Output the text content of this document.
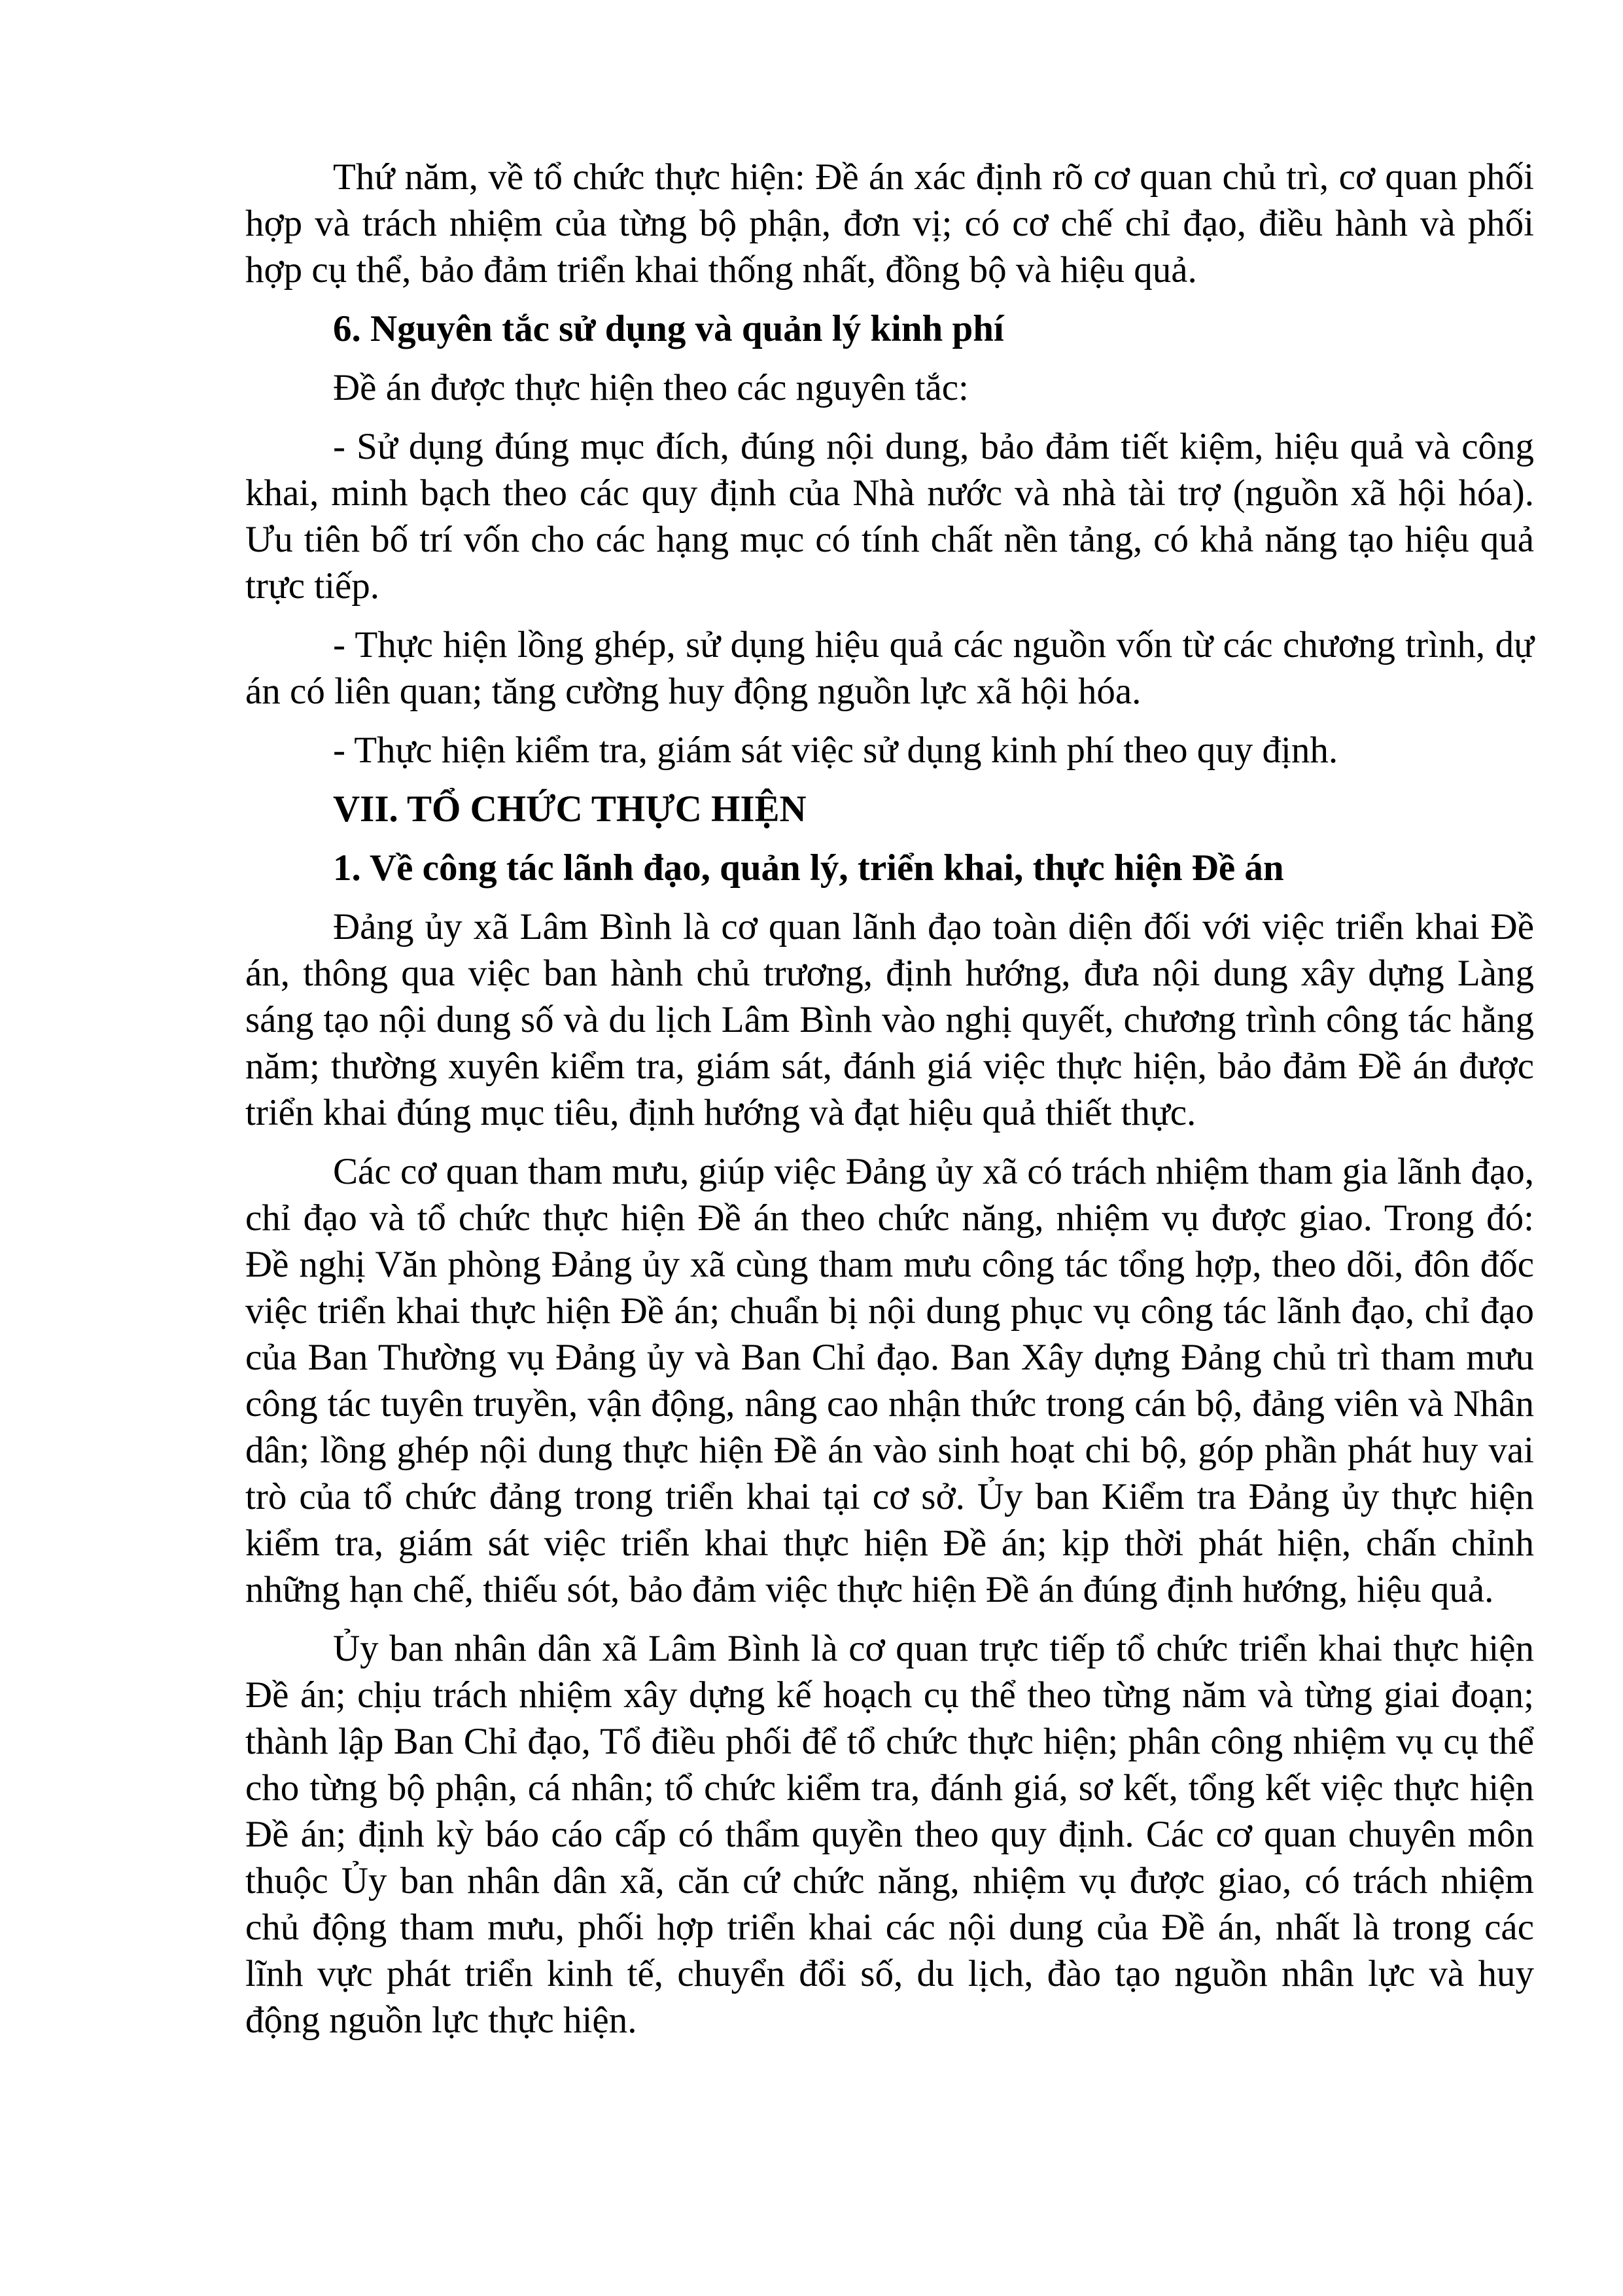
Thứ năm, về tổ chức thực hiện: Đề án xác định rõ cơ quan chủ trì, cơ quan phối hợp và trách nhiệm của từng bộ phận, đơn vị; có cơ chế chỉ đạo, điều hành và phối hợp cụ thể, bảo đảm triển khai thống nhất, đồng bộ và hiệu quả.

6. Nguyên tắc sử dụng và quản lý kinh phí

Đề án được thực hiện theo các nguyên tắc:

- Sử dụng đúng mục đích, đúng nội dung, bảo đảm tiết kiệm, hiệu quả và công khai, minh bạch theo các quy định của Nhà nước và nhà tài trợ (nguồn xã hội hóa). Ưu tiên bố trí vốn cho các hạng mục có tính chất nền tảng, có khả năng tạo hiệu quả trực tiếp.

- Thực hiện lồng ghép, sử dụng hiệu quả các nguồn vốn từ các chương trình, dự án có liên quan; tăng cường huy động nguồn lực xã hội hóa.

- Thực hiện kiểm tra, giám sát việc sử dụng kinh phí theo quy định.

VII. TỔ CHỨC THỰC HIỆN

1. Về công tác lãnh đạo, quản lý, triển khai, thực hiện Đề án

Đảng ủy xã Lâm Bình là cơ quan lãnh đạo toàn diện đối với việc triển khai Đề án, thông qua việc ban hành chủ trương, định hướng, đưa nội dung xây dựng Làng sáng tạo nội dung số và du lịch Lâm Bình vào nghị quyết, chương trình công tác hằng năm; thường xuyên kiểm tra, giám sát, đánh giá việc thực hiện, bảo đảm Đề án được triển khai đúng mục tiêu, định hướng và đạt hiệu quả thiết thực.

Các cơ quan tham mưu, giúp việc Đảng ủy xã có trách nhiệm tham gia lãnh đạo, chỉ đạo và tổ chức thực hiện Đề án theo chức năng, nhiệm vụ được giao. Trong đó: Đề nghị Văn phòng Đảng ủy xã cùng tham mưu công tác tổng hợp, theo dõi, đôn đốc việc triển khai thực hiện Đề án; chuẩn bị nội dung phục vụ công tác lãnh đạo, chỉ đạo của Ban Thường vụ Đảng ủy và Ban Chỉ đạo. Ban Xây dựng Đảng chủ trì tham mưu công tác tuyên truyền, vận động, nâng cao nhận thức trong cán bộ, đảng viên và Nhân dân; lồng ghép nội dung thực hiện Đề án vào sinh hoạt chi bộ, góp phần phát huy vai trò của tổ chức đảng trong triển khai tại cơ sở. Ủy ban Kiểm tra Đảng ủy thực hiện kiểm tra, giám sát việc triển khai thực hiện Đề án; kịp thời phát hiện, chấn chỉnh những hạn chế, thiếu sót, bảo đảm việc thực hiện Đề án đúng định hướng, hiệu quả.

Ủy ban nhân dân xã Lâm Bình là cơ quan trực tiếp tổ chức triển khai thực hiện Đề án; chịu trách nhiệm xây dựng kế hoạch cụ thể theo từng năm và từng giai đoạn; thành lập Ban Chỉ đạo, Tổ điều phối để tổ chức thực hiện; phân công nhiệm vụ cụ thể cho từng bộ phận, cá nhân; tổ chức kiểm tra, đánh giá, sơ kết, tổng kết việc thực hiện Đề án; định kỳ báo cáo cấp có thẩm quyền theo quy định. Các cơ quan chuyên môn thuộc Ủy ban nhân dân xã, căn cứ chức năng, nhiệm vụ được giao, có trách nhiệm chủ động tham mưu, phối hợp triển khai các nội dung của Đề án, nhất là trong các lĩnh vực phát triển kinh tế, chuyển đổi số, du lịch, đào tạo nguồn nhân lực và huy động nguồn lực thực hiện.
